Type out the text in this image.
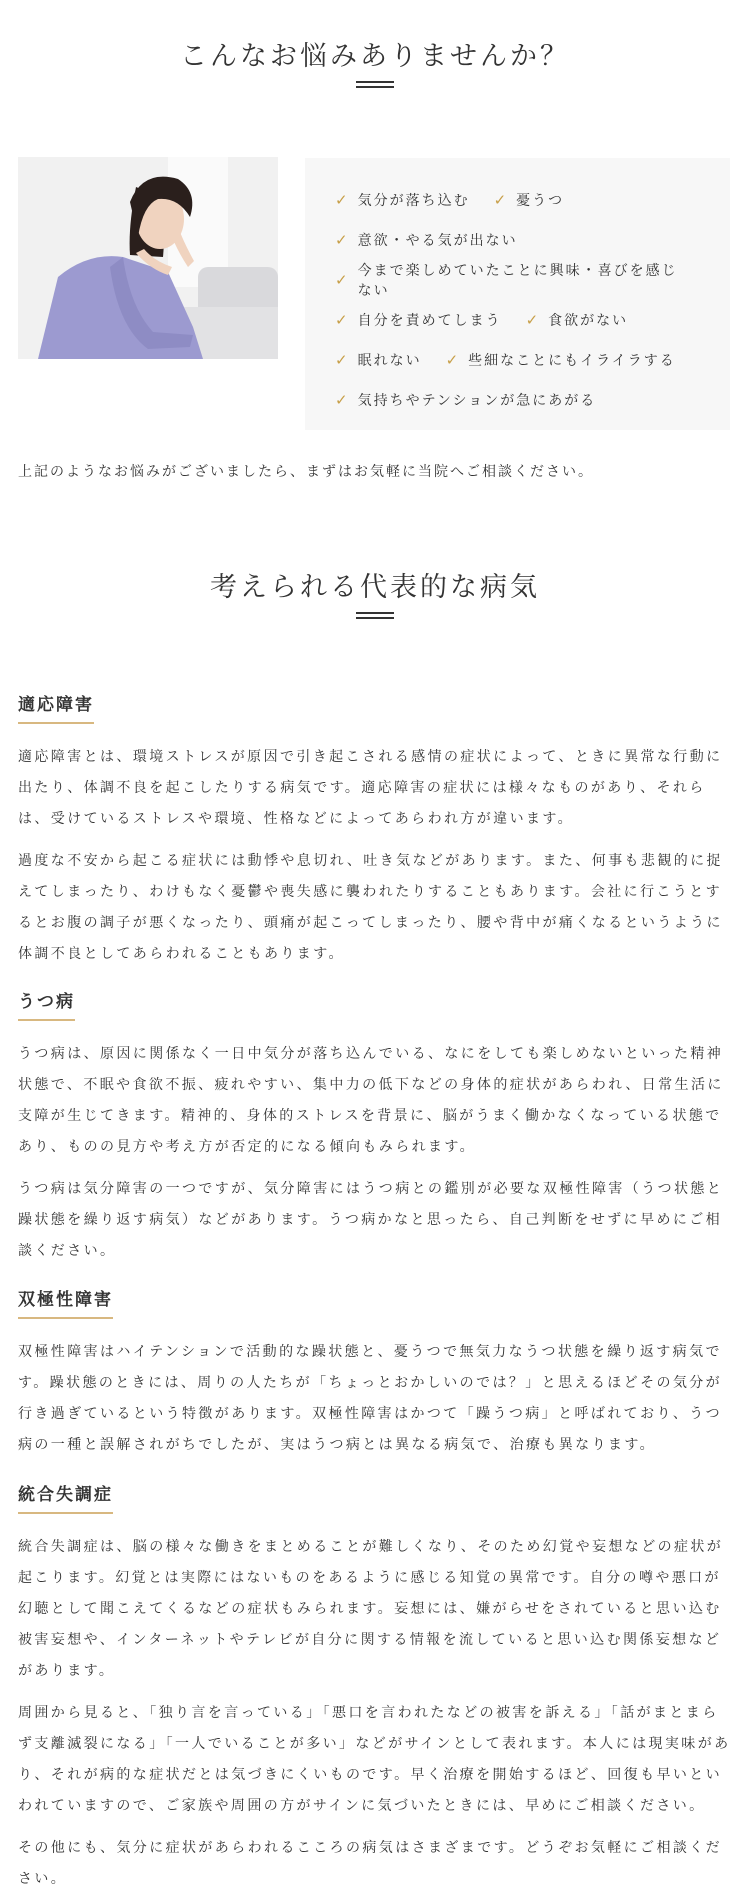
こんなお悩みありませんか？
✓ 気分が落ち込む ✓ 憂うつ
✓ 意欲・やる気が出ない
✓ 今まで楽しめていたことに興味・喜びを感じない
✓ 自分を責めてしまう ✓ 食欲がない
✓ 眠れない ✓ 些細なことにもイライラする
✓ 気持ちやテンションが急にあがる

上記のようなお悩みがございましたら、まずはお気軽に当院へご相談ください。

考えられる代表的な病気
適応障害

適応障害とは、環境ストレスが原因で引き起こされる感情の症状によって、ときに異常な行動に出たり、体調不良を起こしたりする病気です。適応障害の症状には様々なものがあり、それらは、受けているストレスや環境、性格などによってあらわれ方が違います。

過度な不安から起こる症状には動悸や息切れ、吐き気などがあります。また、何事も悲観的に捉えてしまったり、わけもなく憂鬱や喪失感に襲われたりすることもあります。会社に行こうとするとお腹の調子が悪くなったり、頭痛が起こってしまったり、腰や背中が痛くなるというように体調不良としてあらわれることもあります。

うつ病

うつ病は、原因に関係なく一日中気分が落ち込んでいる、なにをしても楽しめないといった精神状態で、不眠や食欲不振、疲れやすい、集中力の低下などの身体的症状があらわれ、日常生活に支障が生じてきます。精神的、身体的ストレスを背景に、脳がうまく働かなくなっている状態であり、ものの見方や考え方が否定的になる傾向もみられます。

うつ病は気分障害の一つですが、気分障害にはうつ病との鑑別が必要な双極性障害（うつ状態と躁状態を繰り返す病気）などがあります。うつ病かなと思ったら、自己判断をせずに早めにご相談ください。

双極性障害

双極性障害はハイテンションで活動的な躁状態と、憂うつで無気力なうつ状態を繰り返す病気です。躁状態のときには、周りの人たちが「ちょっとおかしいのでは？」と思えるほどその気分が行き過ぎているという特徴があります。双極性障害はかつて「躁うつ病」と呼ばれており、うつ病の一種と誤解されがちでしたが、実はうつ病とは異なる病気で、治療も異なります。

統合失調症

統合失調症は、脳の様々な働きをまとめることが難しくなり、そのため幻覚や妄想などの症状が起こります。幻覚とは実際にはないものをあるように感じる知覚の異常です。自分の噂や悪口が幻聴として聞こえてくるなどの症状もみられます。妄想には、嫌がらせをされていると思い込む被害妄想や、インターネットやテレビが自分に関する情報を流していると思い込む関係妄想などがあります。

周囲から見ると、「独り言を言っている」「悪口を言われたなどの被害を訴える」「話がまとまらず支離滅裂になる」「一人でいることが多い」などがサインとして表れます。本人には現実味があり、それが病的な症状だとは気づきにくいものです。早く治療を開始するほど、回復も早いといわれていますので、ご家族や周囲の方がサインに気づいたときには、早めにご相談ください。

その他にも、気分に症状があらわれるこころの病気はさまざまです。どうぞお気軽にご相談ください。
